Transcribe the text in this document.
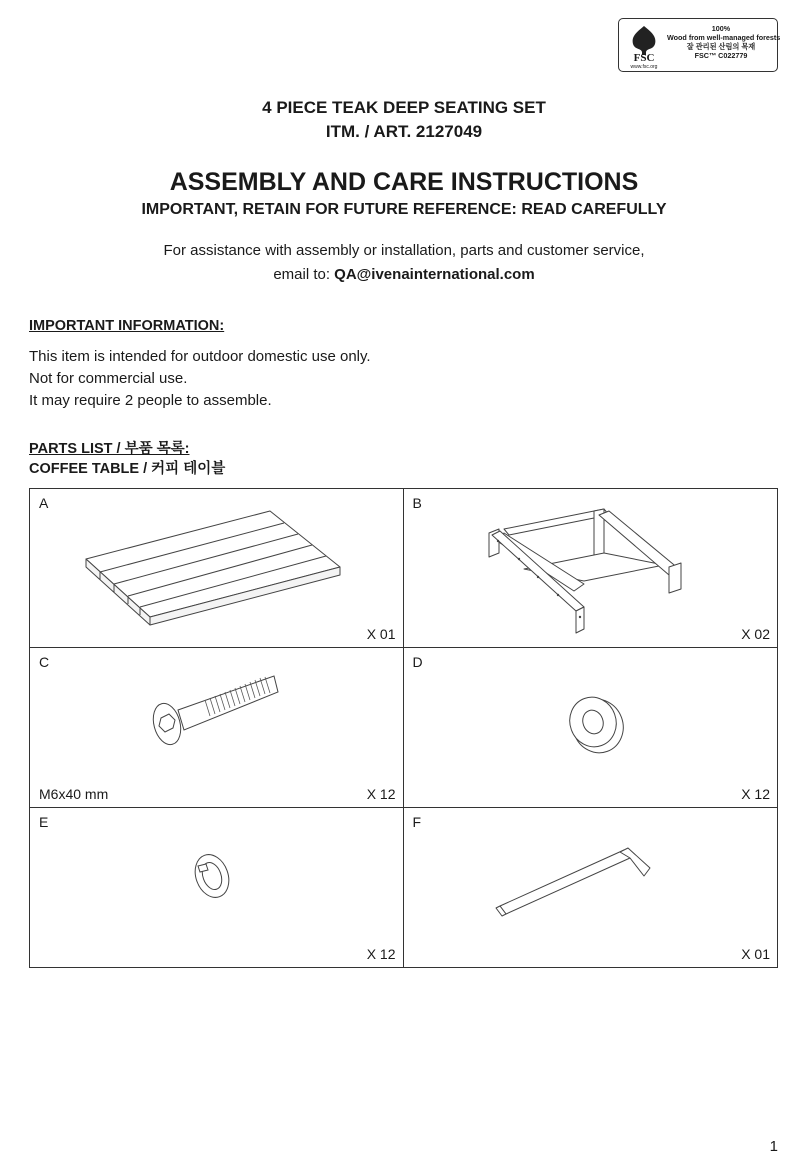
FSC
www.fsc.org
100%
Wood from well-managed forests
잘 관리된 산림의 목재
FSC™ C022779
4 PIECE TEAK DEEP SEATING SET
ITM. / ART. 2127049
ASSEMBLY AND CARE INSTRUCTIONS
IMPORTANT, RETAIN FOR FUTURE REFERENCE: READ CAREFULLY
For assistance with assembly or installation, parts and customer service,
email to: QA@ivenainternational.com
IMPORTANT INFORMATION:
This item is intended for outdoor domestic use only.
Not for commercial use.
It may require 2 people to assemble.
PARTS LIST / 부품 목록:
COFFEE TABLE / 커피 테이블
A
X 01
B
X 02
C
M6x40 mm	X 12
D
X 12
E
X 12
F
X 01
1
